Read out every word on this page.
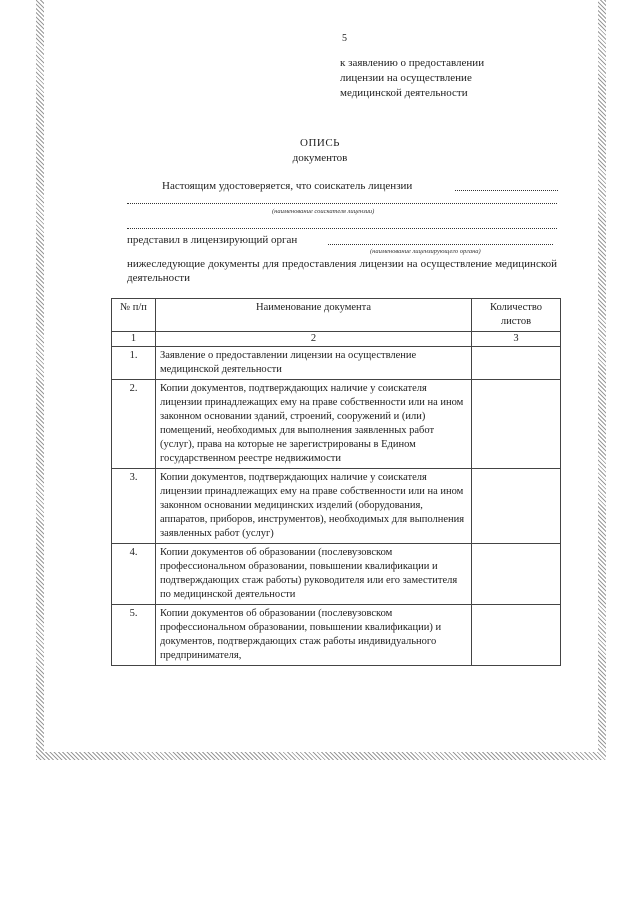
5
к заявлению о предоставлении
лицензии на осуществление
медицинской деятельности
ОПИСЬ
документов
Настоящим удостоверяется, что соискатель лицензии
(наименование соискателя лицензии)
представил в лицензирующий орган
(наименование лицензирующего органа)
нижеследующие документы для предоставления лицензии на осуществление медицинской деятельности
№ п/п	Наименование документа	Количество листов
1	2	3
1.	Заявление о предоставлении лицензии на осуществление медицинской деятельности	
2.	Копии документов, подтверждающих наличие у соискателя лицензии принадлежащих ему на праве собственности или на ином законном основании зданий, строений, сооружений и (или) помещений, необходимых для выполнения заявленных работ (услуг), права на которые не зарегистрированы в Едином государственном реестре недвижимости	
3.	Копии документов, подтверждающих наличие у соискателя лицензии принадлежащих ему на праве собственности или на ином законном основании медицинских изделий (оборудования, аппаратов, приборов, инструментов), необходимых для выполнения заявленных работ (услуг)	
4.	Копии документов об образовании (послевузовском профессиональном образовании, повышении квалификации и подтверждающих стаж работы) руководителя или его заместителя по медицинской деятельности	
5.	Копии документов об образовании (послевузовском профессиональном образовании, повышении квалификации) и документов, подтверждающих стаж работы индивидуального предпринимателя,	
